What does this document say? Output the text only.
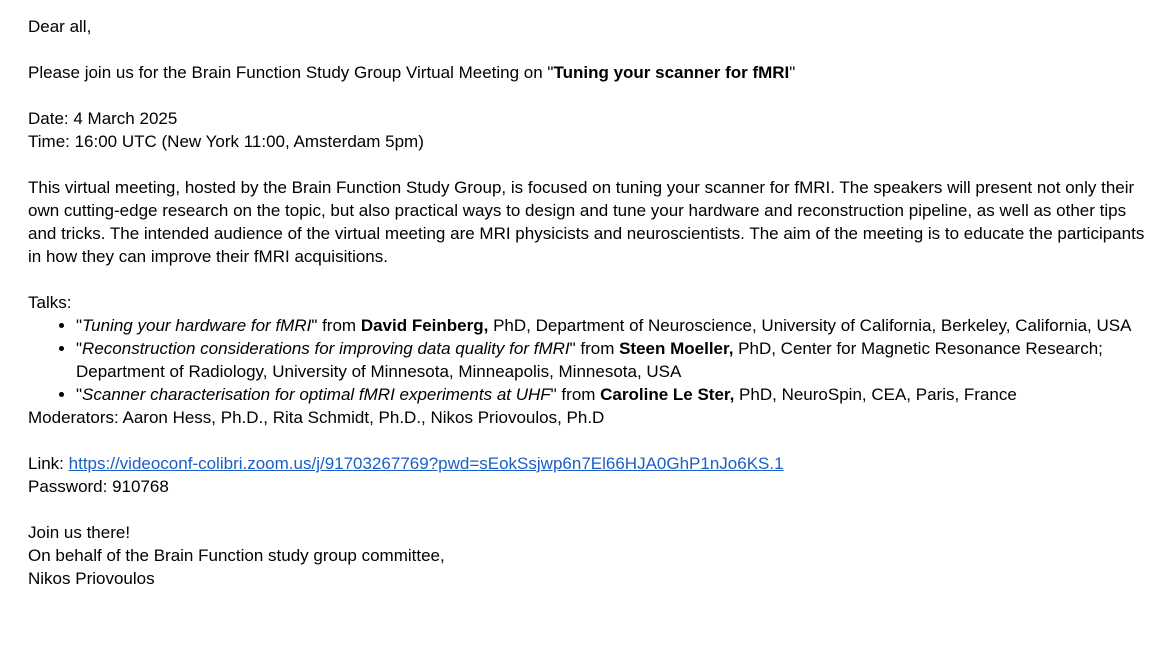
Dear all,

Please join us for the Brain Function Study Group Virtual Meeting on "Tuning your scanner for fMRI"

Date: 4 March 2025

Time: 16:00 UTC (New York 11:00, Amsterdam 5pm)

This virtual meeting, hosted by the Brain Function Study Group, is focused on tuning your scanner for fMRI. The speakers will present not only their own cutting-edge research on the topic, but also practical ways to design and tune your hardware and reconstruction pipeline, as well as other tips and tricks. The intended audience of the virtual meeting are MRI physicists and neuroscientists. The aim of the meeting is to educate the participants in how they can improve their fMRI acquisitions.

Talks:

• "Tuning your hardware for fMRI" from David Feinberg, PhD, Department of Neuroscience, University of California, Berkeley, California, USA
• "Reconstruction considerations for improving data quality for fMRI" from Steen Moeller, PhD, Center for Magnetic Resonance Research; Department of Radiology, University of Minnesota, Minneapolis, Minnesota, USA
• "Scanner characterisation for optimal fMRI experiments at UHF" from Caroline Le Ster, PhD, NeuroSpin, CEA, Paris, France

Moderators: Aaron Hess, Ph.D., Rita Schmidt, Ph.D., Nikos Priovoulos, Ph.D

Link: https://videoconf-colibri.zoom.us/j/91703267769?pwd=sEokSsjwp6n7El66HJA0GhP1nJo6KS.1

Password: 910768

Join us there!

On behalf of the Brain Function study group committee,

Nikos Priovoulos
